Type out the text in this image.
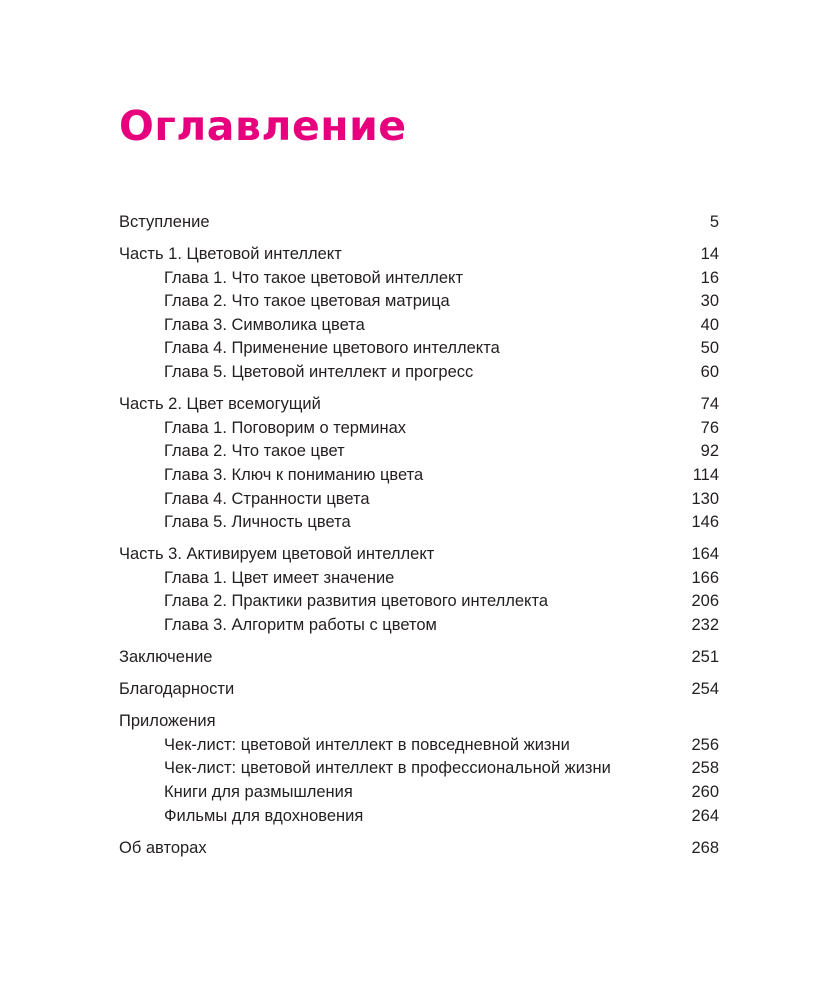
Оглавление
Вступление	5
Часть 1. Цветовой интеллект	14
Глава 1. Что такое цветовой интеллект	16
Глава 2. Что такое цветовая матрица	30
Глава 3. Символика цвета	40
Глава 4. Применение цветового интеллекта	50
Глава 5. Цветовой интеллект и прогресс	60
Часть 2. Цвет всемогущий	74
Глава 1. Поговорим о терминах	76
Глава 2. Что такое цвет	92
Глава 3. Ключ к пониманию цвета	114
Глава 4. Странности цвета	130
Глава 5. Личность цвета	146
Часть 3. Активируем цветовой интеллект	164
Глава 1. Цвет имеет значение	166
Глава 2. Практики развития цветового интеллекта	206
Глава 3. Алгоритм работы с цветом	232
Заключение	251
Благодарности	254
Приложения
Чек-лист: цветовой интеллект в повседневной жизни	256
Чек-лист: цветовой интеллект в профессиональной жизни	258
Книги для размышления	260
Фильмы для вдохновения	264
Об авторах	268
